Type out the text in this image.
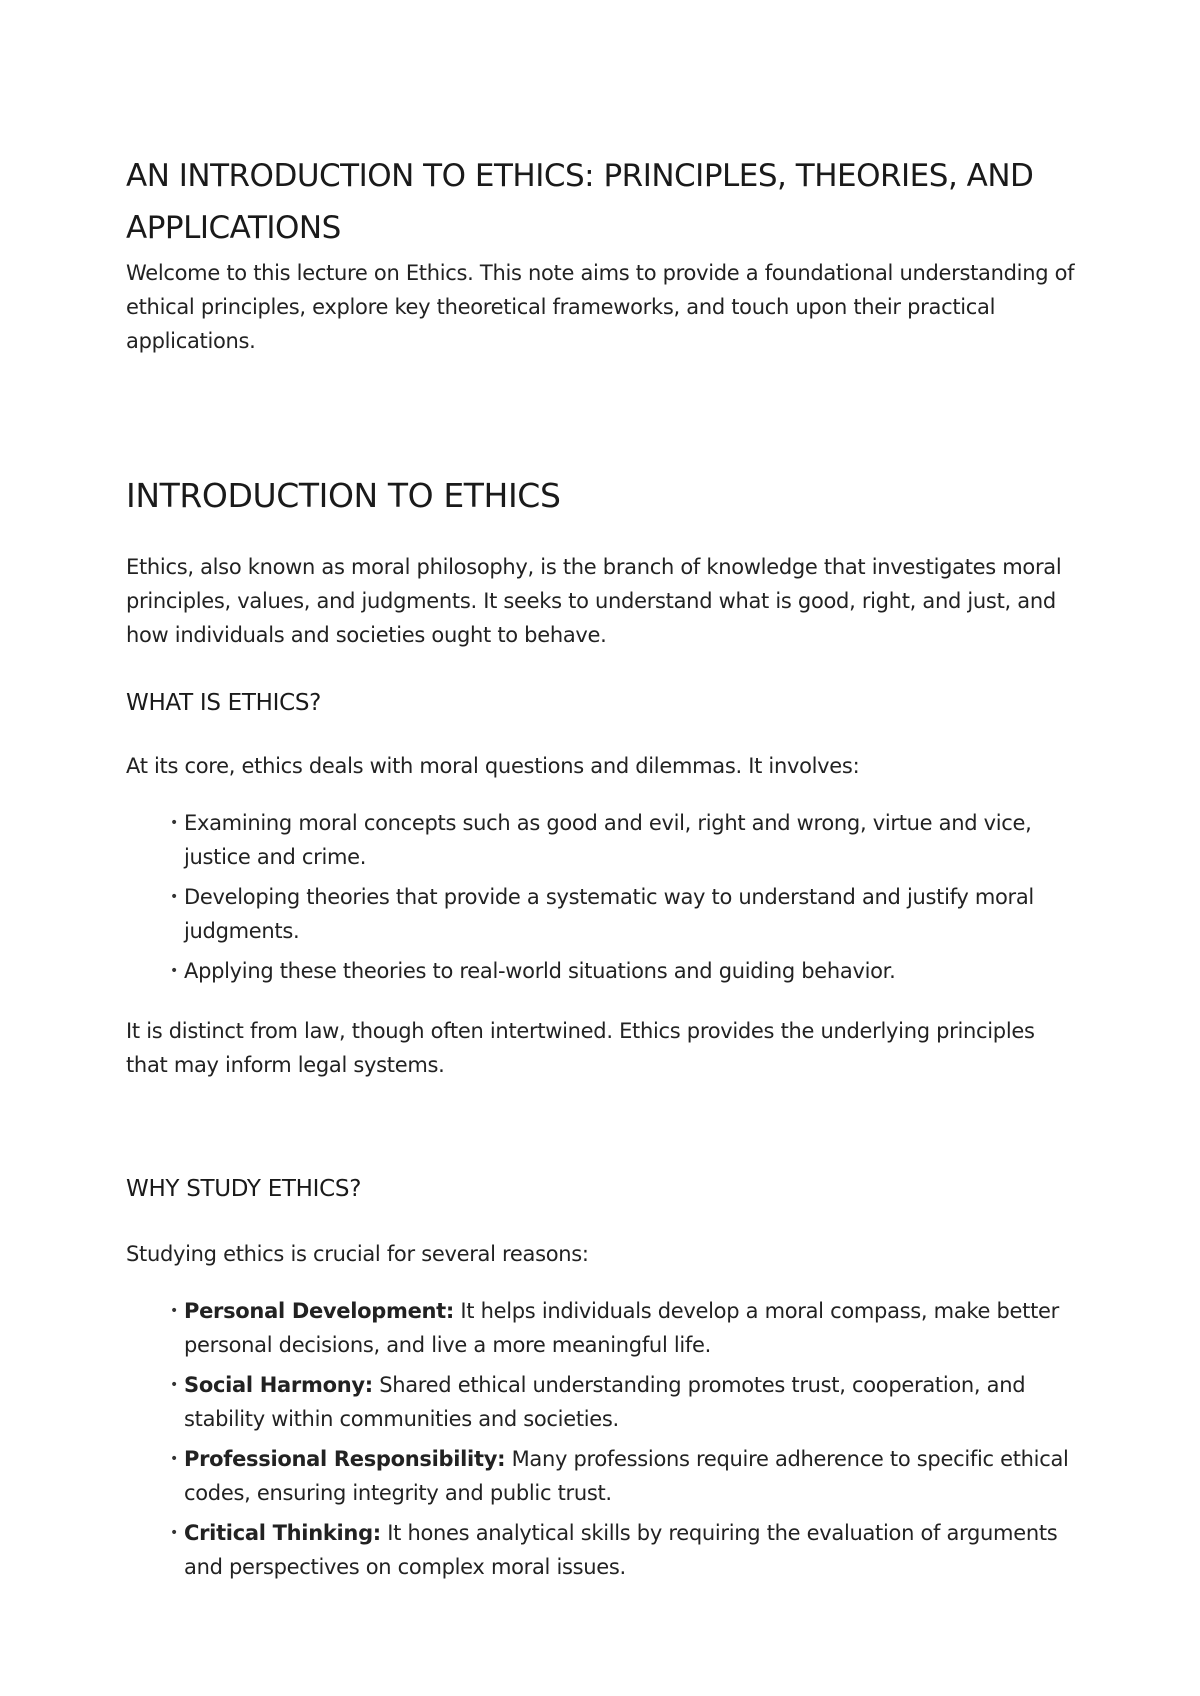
AN INTRODUCTION TO ETHICS: PRINCIPLES, THEORIES, AND APPLICATIONS

Welcome to this lecture on Ethics. This note aims to provide a foundational understanding of ethical principles, explore key theoretical frameworks, and touch upon their practical applications.

INTRODUCTION TO ETHICS

Ethics, also known as moral philosophy, is the branch of knowledge that investigates moral principles, values, and judgments. It seeks to understand what is good, right, and just, and how individuals and societies ought to behave.

WHAT IS ETHICS?

At its core, ethics deals with moral questions and dilemmas. It involves:

• Examining moral concepts such as good and evil, right and wrong, virtue and vice, justice and crime.
• Developing theories that provide a systematic way to understand and justify moral judgments.
• Applying these theories to real-world situations and guiding behavior.

It is distinct from law, though often intertwined. Ethics provides the underlying principles that may inform legal systems.

WHY STUDY ETHICS?

Studying ethics is crucial for several reasons:

• Personal Development: It helps individuals develop a moral compass, make better personal decisions, and live a more meaningful life.
• Social Harmony: Shared ethical understanding promotes trust, cooperation, and stability within communities and societies.
• Professional Responsibility: Many professions require adherence to specific ethical codes, ensuring integrity and public trust.
• Critical Thinking: It hones analytical skills by requiring the evaluation of arguments and perspectives on complex moral issues.
